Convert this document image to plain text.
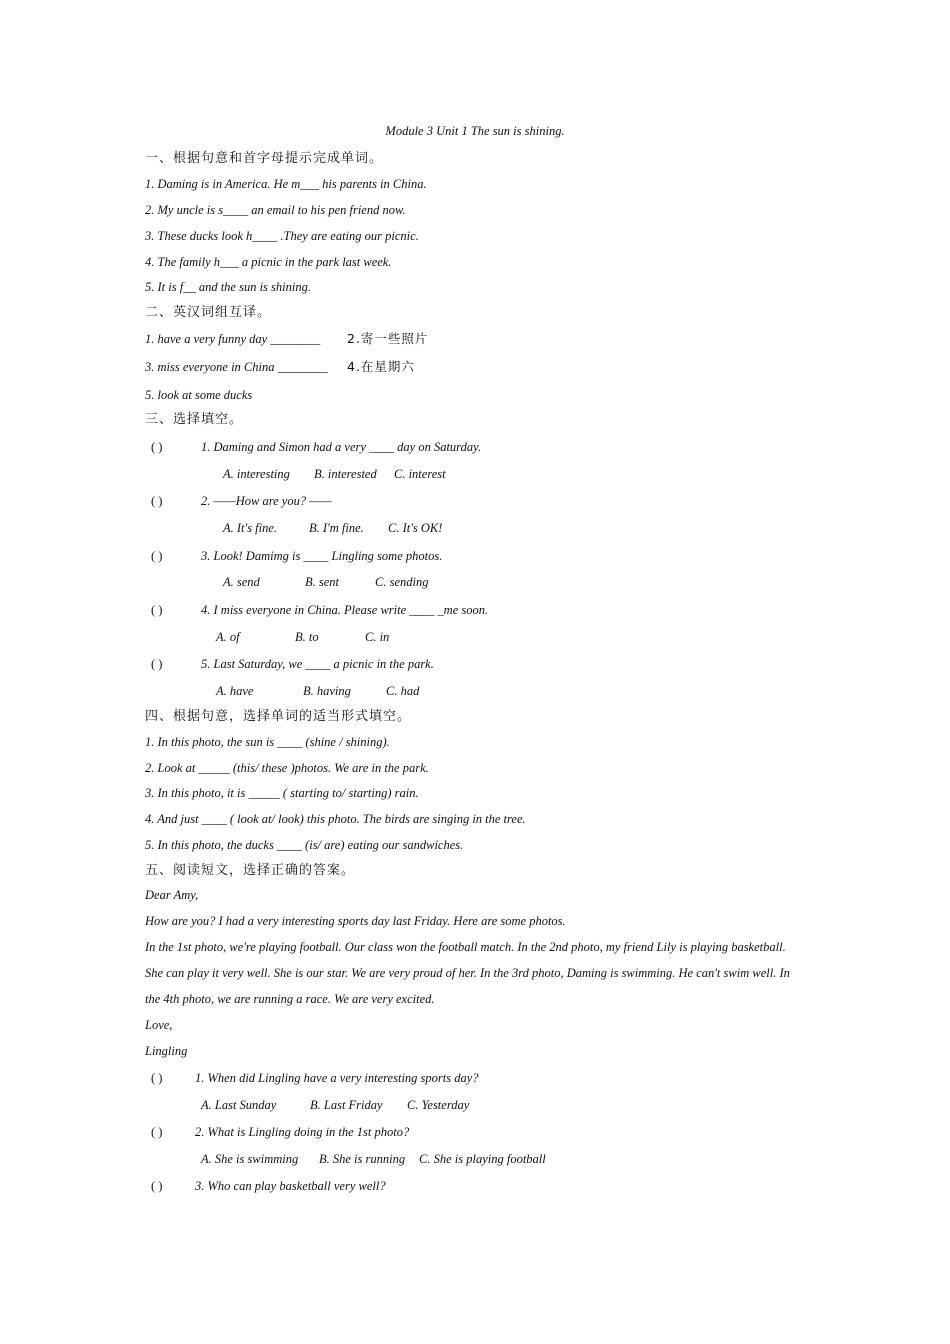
Module 3 Unit 1 The sun is shining.
一、根据句意和首字母提示完成单词。
1. Daming is in America. He m___ his parents in China.
2. My uncle is s____ an email to his pen friend now.
3. These ducks look h____ .They are eating our picnic.
4. The family h___ a picnic in the park last week.
5. It is f__ and the sun is shining.
二、英汉词组互译。
1. have a very funny day ________ 2.寄一些照片
3. miss everyone in China ________ 4.在星期六
5. look at some ducks
三、选择填空。
( )	1. Daming and Simon had a very ____ day on Saturday.
A. interesting B. interested C. interest
( )	2. ——How are you? ——
A. It's fine.	B. I'm fine. C. It's OK!
( )	3. Look! Damimg is ____ Lingling some photos.
A. send	B. sent	C. sending
( )	4. I miss everyone in China. Please write ____ _me soon.
A. of	B. to	C. in
( )	5. Last Saturday, we ____ a picnic in the park.
A. have	B. having	C. had
四、根据句意，选择单词的适当形式填空。
1. In this photo, the sun is ____ (shine / shining).
2. Look at _____ (this/ these )photos. We are in the park.
3. In this photo, it is _____ ( starting to/ starting) rain.
4. And just ____ ( look at/ look) this photo. The birds are singing in the tree.
5. In this photo, the ducks ____ (is/ are) eating our sandwiches.
五、阅读短文，选择正确的答案。
Dear Amy,
How are you? I had a very interesting sports day last Friday. Here are some photos.
In the 1st photo, we're playing football. Our class won the football match. In the 2nd photo, my friend Lily is playing basketball.
She can play it very well. She is our star. We are very proud of her. In the 3rd photo, Daming is swimming. He can't swim well. In
the 4th photo, we are running a race. We are very excited.
Love,
Lingling
( )	1. When did Lingling have a very interesting sports day?
A. Last Sunday	B. Last Friday C. Yesterday
( )	2. What is Lingling doing in the 1st photo?
A. She is swimming B. She is running C. She is playing football
( )	3. Who can play basketball very well?
